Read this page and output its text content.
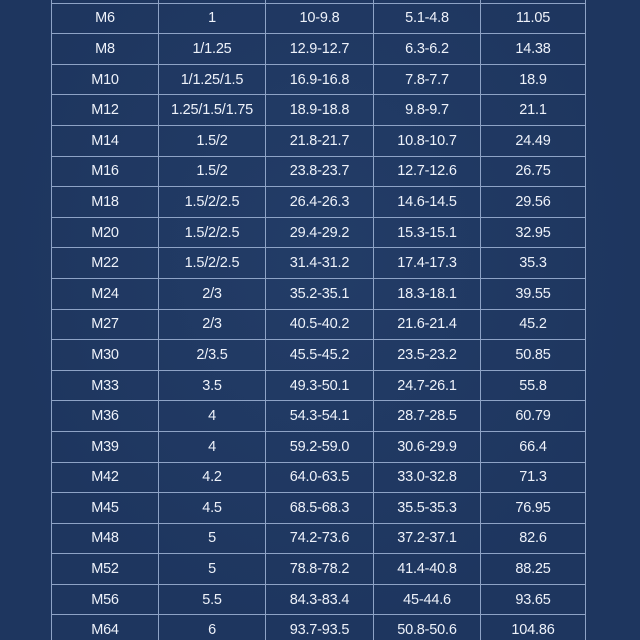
M6	1	10-9.8	5.1-4.8	11.05
M8	1/1.25	12.9-12.7	6.3-6.2	14.38
M10	1/1.25/1.5	16.9-16.8	7.8-7.7	18.9
M12	1.25/1.5/1.75	18.9-18.8	9.8-9.7	21.1
M14	1.5/2	21.8-21.7	10.8-10.7	24.49
M16	1.5/2	23.8-23.7	12.7-12.6	26.75
M18	1.5/2/2.5	26.4-26.3	14.6-14.5	29.56
M20	1.5/2/2.5	29.4-29.2	15.3-15.1	32.95
M22	1.5/2/2.5	31.4-31.2	17.4-17.3	35.3
M24	2/3	35.2-35.1	18.3-18.1	39.55
M27	2/3	40.5-40.2	21.6-21.4	45.2
M30	2/3.5	45.5-45.2	23.5-23.2	50.85
M33	3.5	49.3-50.1	24.7-26.1	55.8
M36	4	54.3-54.1	28.7-28.5	60.79
M39	4	59.2-59.0	30.6-29.9	66.4
M42	4.2	64.0-63.5	33.0-32.8	71.3
M45	4.5	68.5-68.3	35.5-35.3	76.95
M48	5	74.2-73.6	37.2-37.1	82.6
M52	5	78.8-78.2	41.4-40.8	88.25
M56	5.5	84.3-83.4	45-44.6	93.65
M64	6	93.7-93.5	50.8-50.6	104.86
